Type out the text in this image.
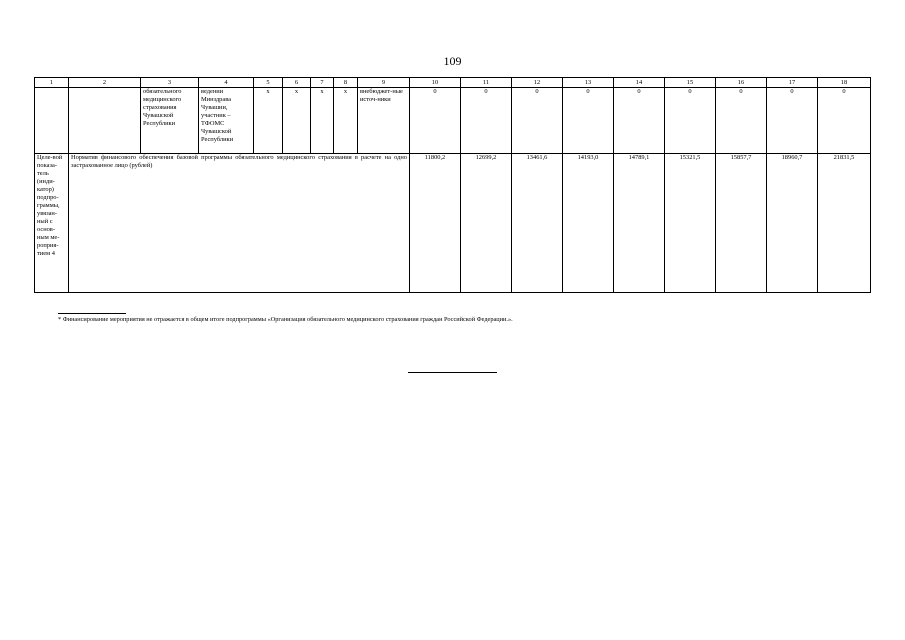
109
1	2	3	4	5	6	7	8	9	10	11	12	13	14	15	16	17	18
		обязательного медицинского страхования Чувашской Республики	ведении Минздрава Чувашии, участник – ТФОМС Чувашской Республики	x	x	x	x	внебюджет-ные источ-ники	0	0	0	0	0	0	0	0	0
Целе-вой показа-тель (инди-катор) подпро-граммы, увязан-ный с основ-ным ме-роприя-тием 4	Норматив финансового обеспечения базовой программы обязательного медицинского страхования в расчете на одно застрахованное лицо (рублей)								11800,2	12699,2	13461,6	14193,0	14789,1	15321,5	15857,7	18960,7	21831,5
* Финансирование мероприятия не отражается в общем итоге подпрограммы «Организация обязательного медицинского страхования граждан Российской Федерации.».
